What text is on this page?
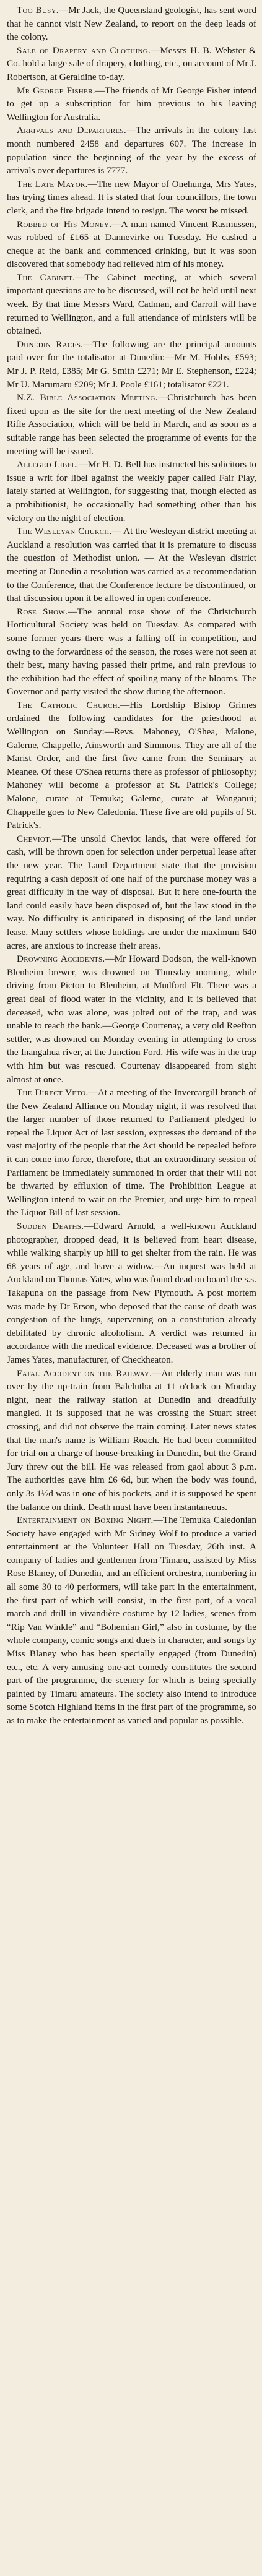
Too Busy.—Mr Jack, the Queensland geologist, has sent word that he cannot visit New Zealand, to report on the deep leads of the colony.

Sale of Drapery and Clothing.—Messrs H. B. Webster & Co. hold a large sale of drapery, clothing, etc., on account of Mr J. Robertson, at Geraldine to-day.

Mr George Fisher.—The friends of Mr George Fisher intend to get up a subscription for him previous to his leaving Wellington for Australia.

Arrivals and Departures.—The arrivals in the colony last month numbered 2458 and departures 607. The increase in population since the beginning of the year by the excess of arrivals over departures is 7777.

The Late Mayor.—The new Mayor of Onehunga, Mrs Yates, has trying times ahead. It is stated that four councillors, the town clerk, and the fire brigade intend to resign. The worst be missed.

Robbed of His Money.—A man named Vincent Rasmussen, was robbed of £165 at Dannevirke on Tuesday. He cashed a cheque at the bank and commenced drinking, but it was soon discovered that somebody had relieved him of his money.

The Cabinet.—The Cabinet meeting, at which several important questions are to be discussed, will not be held until next week. By that time Messrs Ward, Cadman, and Carroll will have returned to Wellington, and a full attendance of ministers will be obtained.

Dunedin Races.—The following are the principal amounts paid over for the totalisator at Dunedin:—Mr M. Hobbs, £593; Mr J. P. Reid, £385; Mr G. Smith £271; Mr E. Stephenson, £224; Mr U. Marumaru £209; Mr J. Poole £161; totalisator £221.

N.Z. Bible Association Meeting.—Christchurch has been fixed upon as the site for the next meeting of the New Zealand Rifle Association, which will be held in March, and as soon as a suitable range has been selected the programme of events for the meeting will be issued.

Alleged Libel.—Mr H. D. Bell has instructed his solicitors to issue a writ for libel against the weekly paper called Fair Play, lately started at Wellington, for suggesting that, though elected as a prohibitionist, he occasionally had something other than his victory on the night of election.

The Wesleyan Church.— At the Wesleyan district meeting at Auckland a resolution was carried that it is premature to discuss the question of Methodist union. — At the Wesleyan district meeting at Dunedin a resolution was carried as a recommendation to the Conference, that the Conference lecture be discontinued, or that discussion upon it be allowed in open conference.

Rose Show.—The annual rose show of the Christchurch Horticultural Society was held on Tuesday. As compared with some former years there was a falling off in competition, and owing to the forwardness of the season, the roses were not seen at their best, many having passed their prime, and rain previous to the exhibition had the effect of spoiling many of the blooms. The Governor and party visited the show during the afternoon.

The Catholic Church.—His Lordship Bishop Grimes ordained the following candidates for the priesthood at Wellington on Sunday:—Revs. Mahoney, O'Shea, Malone, Galerne, Chappelle, Ainsworth and Simmons. They are all of the Marist Order, and the first five came from the Seminary at Meanee. Of these O'Shea returns there as professor of philosophy; Mahoney will become a professor at St. Patrick's College; Malone, curate at Temuka; Galerne, curate at Wanganui; Chappelle goes to New Caledonia. These five are old pupils of St. Patrick's.

Cheviot.—The unsold Cheviot lands, that were offered for cash, will be thrown open for selection under perpetual lease after the new year. The Land Department state that the provision requiring a cash deposit of one half of the purchase money was a great difficulty in the way of disposal. But it here one-fourth the land could easily have been disposed of, but the law stood in the way. No difficulty is anticipated in disposing of the land under lease. Many settlers whose holdings are under the maximum 640 acres, are anxious to increase their areas.

Drowning Accidents.—Mr Howard Dodson, the well-known Blenheim brewer, was drowned on Thursday morning, while driving from Picton to Blenheim, at Mudford Flt. There was a great deal of flood water in the vicinity, and it is believed that deceased, who was alone, was jolted out of the trap, and was unable to reach the bank.—George Courtenay, a very old Reefton settler, was drowned on Monday evening in attempting to cross the Inangahua river, at the Junction Ford. His wife was in the trap with him but was rescued. Courtenay disappeared from sight almost at once.

The Direct Veto.—At a meeting of the Invercargill branch of the New Zealand Alliance on Monday night, it was resolved that the larger number of those returned to Parliament pledged to repeal the Liquor Act of last session, expresses the demand of the vast majority of the people that the Act should be repealed before it can come into force, therefore, that an extraordinary session of Parliament be immediately summoned in order that their will not be thwarted by effluxion of time. The Prohibition League at Wellington intend to wait on the Premier, and urge him to repeal the Liquor Bill of last session.

Sudden Deaths.—Edward Arnold, a well-known Auckland photographer, dropped dead, it is believed from heart disease, while walking sharply up hill to get shelter from the rain. He was 68 years of age, and leave a widow.—An inquest was held at Auckland on Thomas Yates, who was found dead on board the s.s. Takapuna on the passage from New Plymouth. A post mortem was made by Dr Erson, who deposed that the cause of death was congestion of the lungs, supervening on a constitution already debilitated by chronic alcoholism. A verdict was returned in accordance with the medical evidence. Deceased was a brother of James Yates, manufacturer, of Checkheaton.

Fatal Accident on the Railway.—An elderly man was run over by the up-train from Balclutha at 11 o'clock on Monday night, near the railway station at Dunedin and dreadfully mangled. It is supposed that he was crossing the Stuart street crossing, and did not observe the train coming. Later news states that the man's name is William Roach. He had been committed for trial on a charge of house-breaking in Dunedin, but the Grand Jury threw out the bill. He was released from gaol about 3 p.m. The authorities gave him £6 6d, but when the body was found, only 3s 1½d was in one of his pockets, and it is supposed he spent the balance on drink. Death must have been instantaneous.

Entertainment on Boxing Night.—The Temuka Caledonian Society have engaged with Mr Sidney Wolf to produce a varied entertainment at the Volunteer Hall on Tuesday, 26th inst. A company of ladies and gentlemen from Timaru, assisted by Miss Rose Blaney, of Dunedin, and an efficient orchestra, numbering in all some 30 to 40 performers, will take part in the entertainment, the first part of which will consist, in the first part, of a vocal march and drill in vivandière costume by 12 ladies, scenes from “Rip Van Winkle” and “Bohemian Girl,” also in costume, by the whole company, comic songs and duets in character, and songs by Miss Blaney who has been specially engaged (from Dunedin) etc., etc. A very amusing one-act comedy constitutes the second part of the programme, the scenery for which is being specially painted by Timaru amateurs. The society also intend to introduce some Scotch Highland items in the first part of the programme, so as to make the entertainment as varied and popular as possible.
